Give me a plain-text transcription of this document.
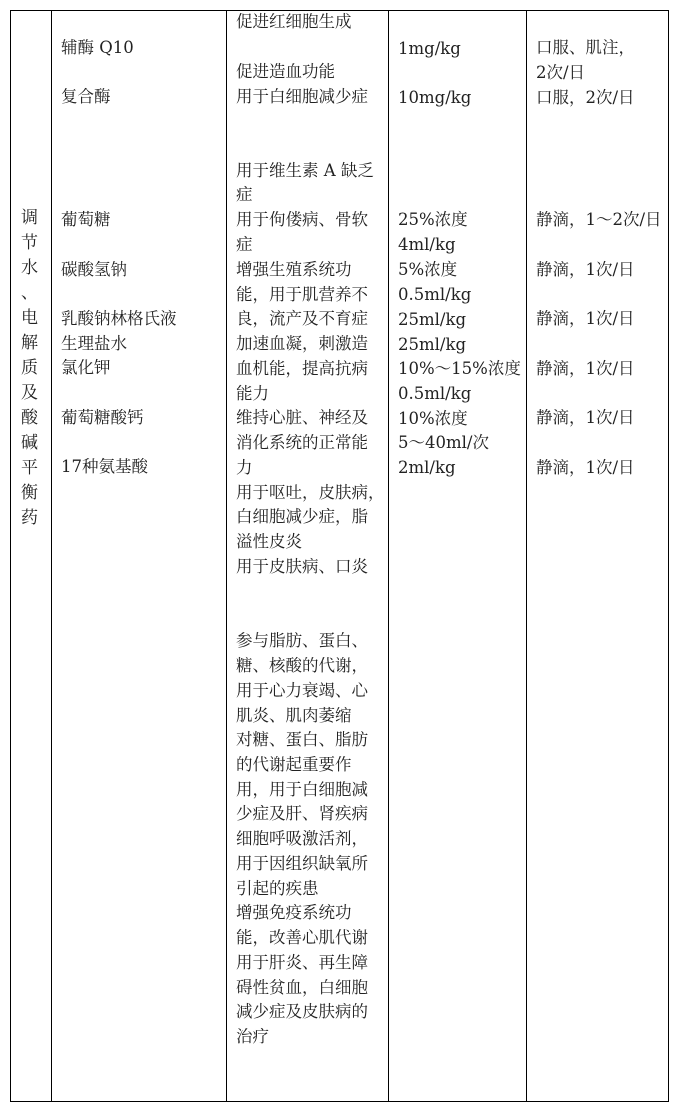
调
节
水
、
电
解
质
及
酸
碱
平
衡
药
辅酶 Q10
复合酶
葡萄糖
碳酸氢钠
乳酸钠林格氏液
生理盐水
氯化钾
葡萄糖酸钙
17种氨基酸
促进红细胞生成
促进造血功能
用于白细胞减少症
用于维生素 A 缺乏
症
用于佝偻病、骨软
症
增强生殖系统功
能，用于肌营养不
良，流产及不育症
加速血凝，刺激造
血机能，提高抗病
能力
维持心脏、神经及
消化系统的正常能
力
用于呕吐，皮肤病，
白细胞减少症，脂
溢性皮炎
用于皮肤病、口炎
参与脂肪、蛋白、
糖、核酸的代谢，
用于心力衰竭、心
肌炎、肌肉萎缩
对糖、蛋白、脂肪
的代谢起重要作
用，用于白细胞减
少症及肝、肾疾病
细胞呼吸激活剂，
用于因组织缺氧所
引起的疾患
增强免疫系统功
能，改善心肌代谢
用于肝炎、再生障
碍性贫血，白细胞
减少症及皮肤病的
治疗
1mg/kg
10mg/kg
25%浓度
4ml/kg
5%浓度
0.5ml/kg
25ml/kg
25ml/kg
10%～15%浓度
0.5ml/kg
10%浓度
5～40ml/次
2ml/kg
口服、肌注，
2次/日
口服，2次/日
静滴，1～2次/日
静滴，1次/日
静滴，1次/日
静滴，1次/日
静滴，1次/日
静滴，1次/日
